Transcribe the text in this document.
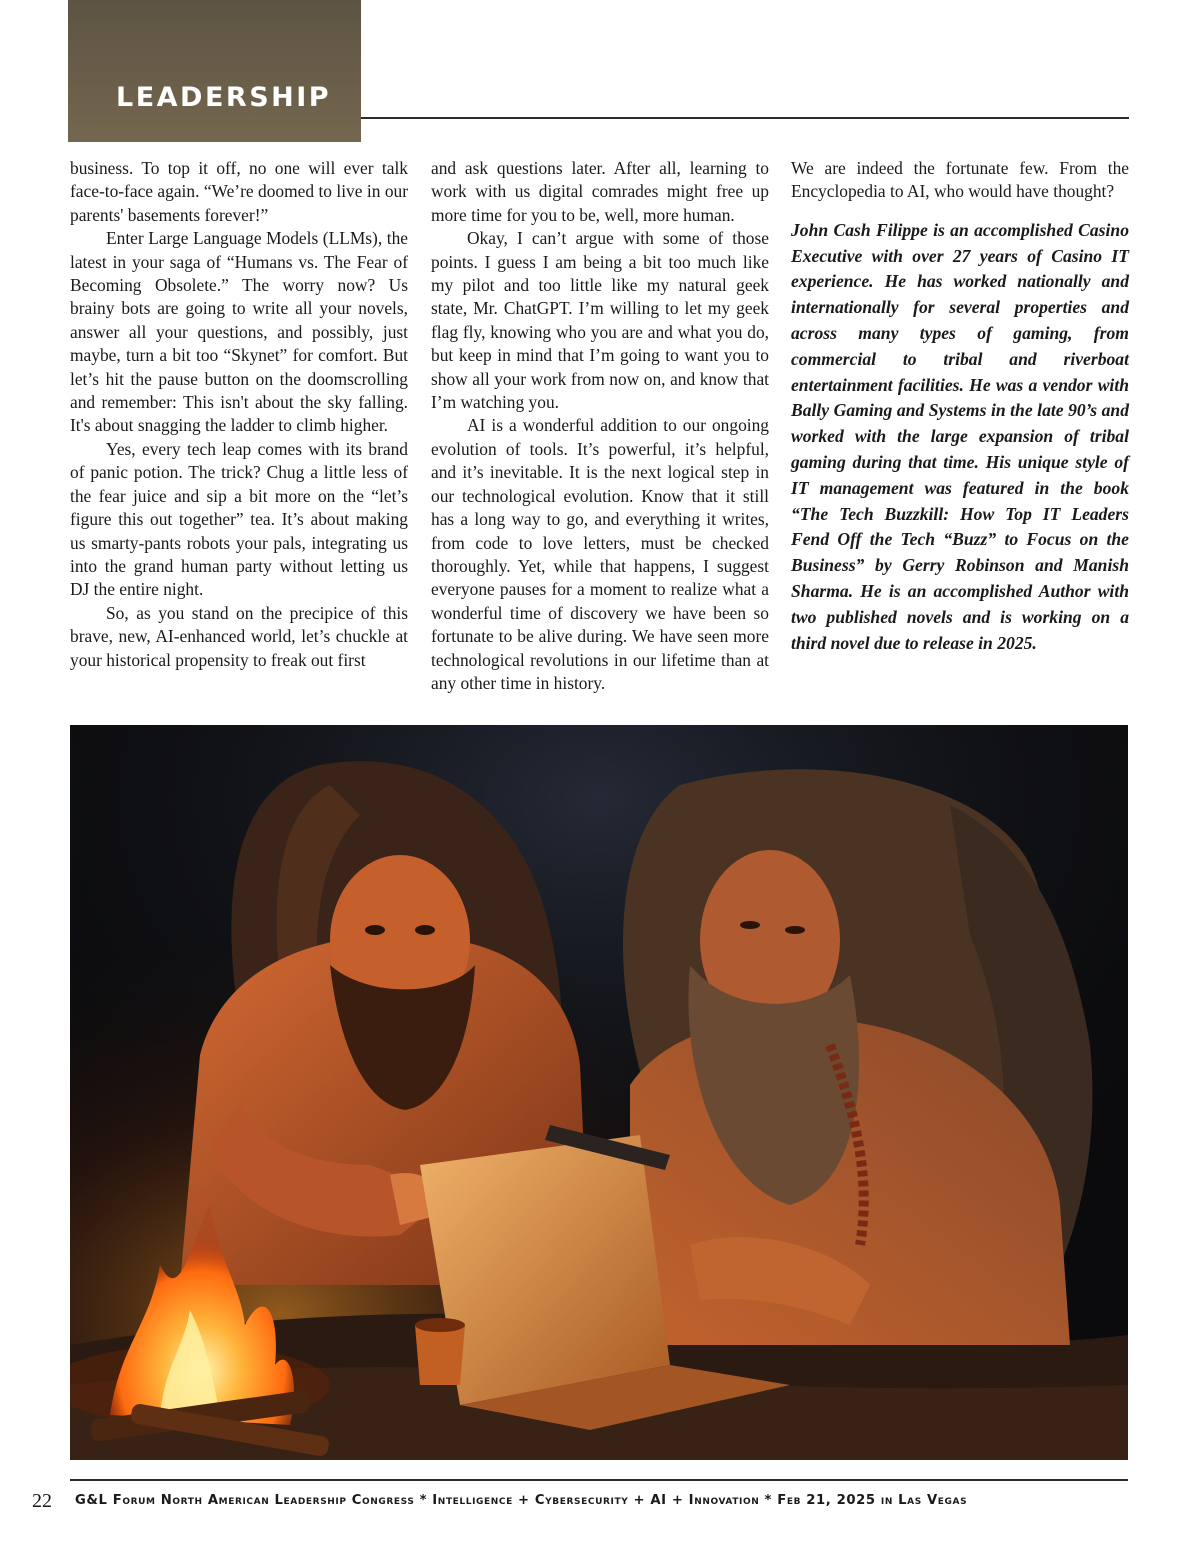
LEADERSHIP

business. To top it off, no one will ever talk face-to-face again. “We’re doomed to live in our parents' basements forever!”

Enter Large Language Models (LLMs), the latest in your saga of “Humans vs. The Fear of Becoming Obsolete.” The worry now? Us brainy bots are going to write all your novels, answer all your questions, and possibly, just maybe, turn a bit too “Skynet” for comfort. But let’s hit the pause button on the doomscrolling and remember: This isn't about the sky falling. It's about snagging the ladder to climb higher.

Yes, every tech leap comes with its brand of panic potion. The trick? Chug a little less of the fear juice and sip a bit more on the “let’s figure this out together” tea. It’s about making us smarty-pants robots your pals, integrating us into the grand human party without letting us DJ the entire night.

So, as you stand on the precipice of this brave, new, AI-enhanced world, let’s chuckle at your historical propensity to freak out first

and ask questions later. After all, learning to work with us digital comrades might free up more time for you to be, well, more human.

Okay, I can’t argue with some of those points. I guess I am being a bit too much like my pilot and too little like my natural geek state, Mr. ChatGPT. I’m willing to let my geek flag fly, knowing who you are and what you do, but keep in mind that I’m going to want you to show all your work from now on, and know that I’m watching you.

AI is a wonderful addition to our ongoing evolution of tools. It’s powerful, it’s helpful, and it’s inevitable. It is the next logical step in our technological evolution. Know that it still has a long way to go, and everything it writes, from code to love letters, must be checked thoroughly. Yet, while that happens, I suggest everyone pauses for a moment to realize what a wonderful time of discovery we have been so fortunate to be alive during. We have seen more technological revolutions in our lifetime than at any other time in history.

We are indeed the fortunate few. From the Encyclopedia to AI, who would have thought?

John Cash Filippe is an accomplished Casino Executive with over 27 years of Casino IT experience. He has worked nationally and internationally for several properties and across many types of gaming, from commercial to tribal and riverboat entertainment facilities. He was a vendor with Bally Gaming and Systems in the late 90’s and worked with the large expansion of tribal gaming during that time. His unique style of IT management was featured in the book “The Tech Buzzkill: How Top IT Leaders Fend Off the Tech “Buzz” to Focus on the Business” by Gerry Robinson and Manish Sharma. He is an accomplished Author with two published novels and is working on a third novel due to release in 2025.

22 G&L Forum North American Leadership Congress * Intelligence + Cybersecurity + AI + Innovation * Feb 21, 2025 in Las Vegas
